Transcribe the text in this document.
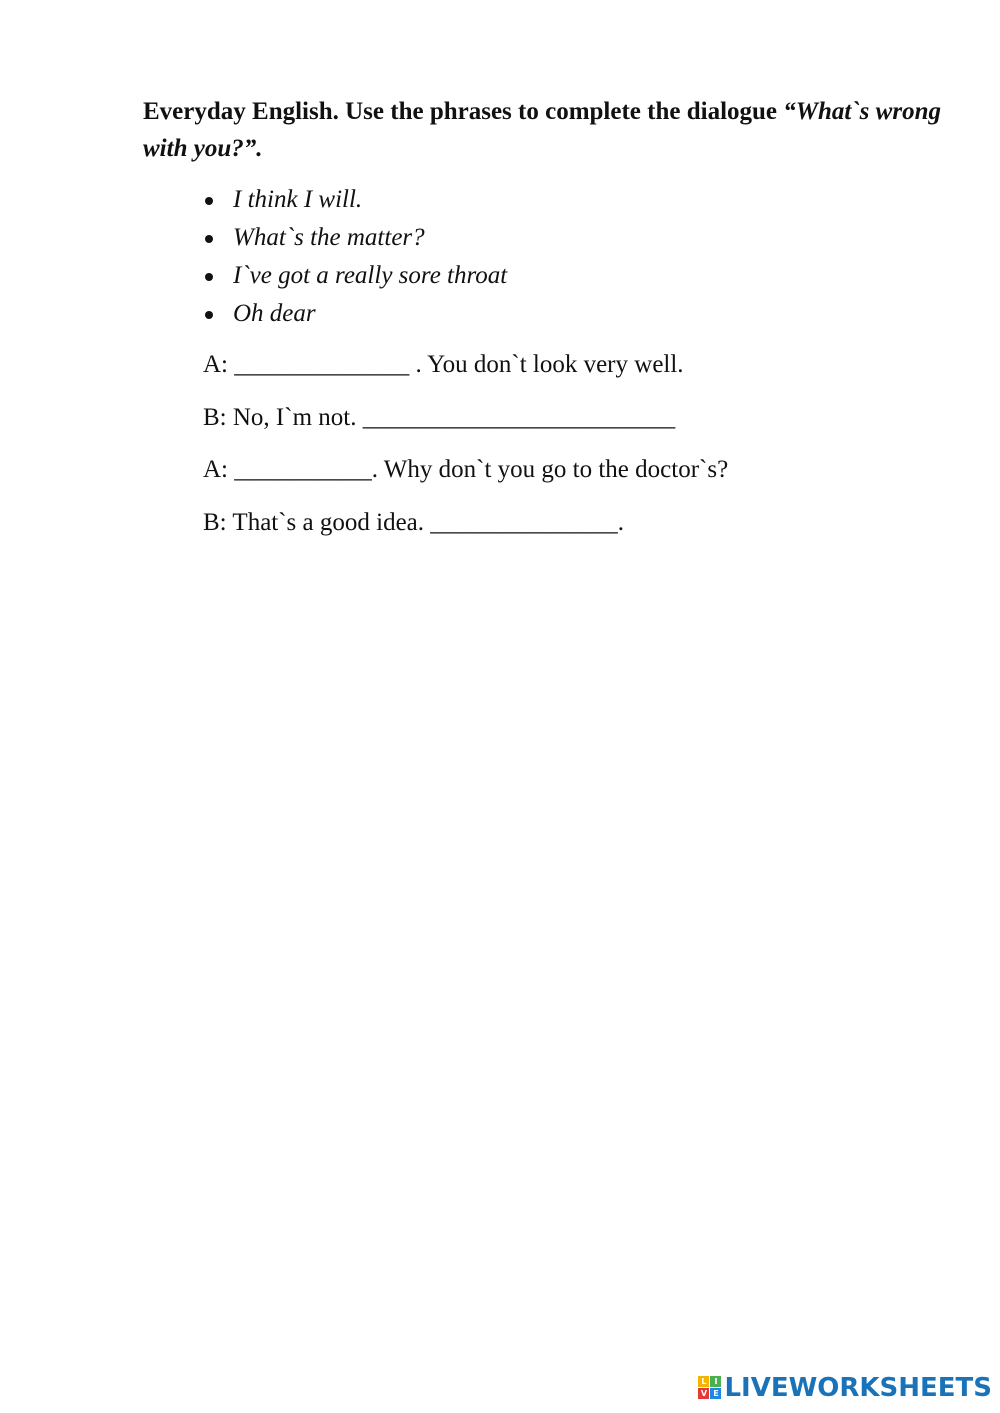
Everyday English. Use the phrases to complete the dialogue “What`s wrong with you?”.

I think I will.
What`s the matter?
I`ve got a really sore throat
Oh dear
A: ______________ . You don`t look very well.
B: No, I`m not. _________________________
A: ___________. Why don`t you go to the doctor`s?
B: That`s a good idea. _______________.
L I
V E LIVEWORKSHEETS
